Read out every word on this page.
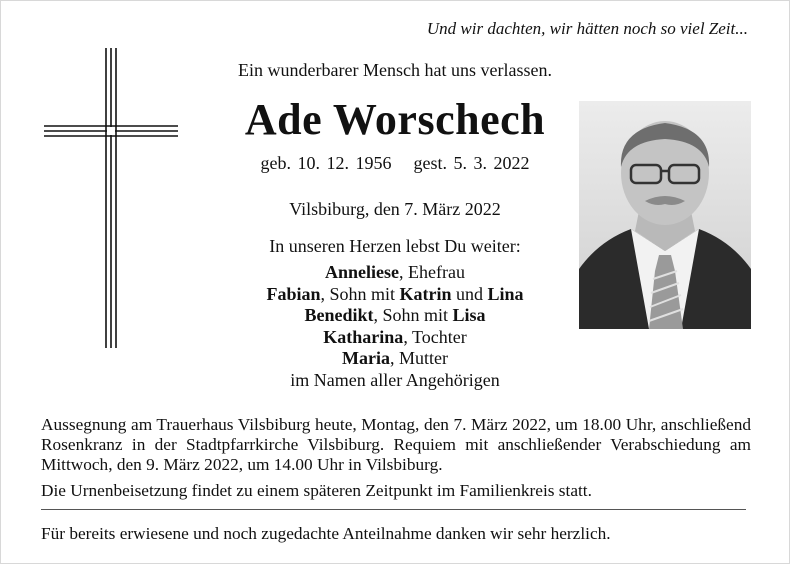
Und wir dachten, wir hätten noch so viel Zeit...
Ein wunderbarer Mensch hat uns verlassen.
Ade Worschech
geb. 10. 12. 1956 gest. 5. 3. 2022
Vilsbiburg, den 7. März 2022
In unseren Herzen lebst Du weiter:
Anneliese, Ehefrau
Fabian, Sohn mit Katrin und Lina
Benedikt, Sohn mit Lisa
Katharina, Tochter
Maria, Mutter
im Namen aller Angehörigen

Aussegnung am Trauerhaus Vilsbiburg heute, Montag, den 7. März 2022, um 18.00 Uhr, anschließend Rosenkranz in der Stadtpfarrkirche Vilsbiburg. Requiem mit anschließender Verabschiedung am Mittwoch, den 9. März 2022, um 14.00 Uhr in Vilsbiburg.

Die Urnenbeisetzung findet zu einem späteren Zeitpunkt im Familienkreis statt.

Für bereits erwiesene und noch zugedachte Anteilnahme danken wir sehr herzlich.
